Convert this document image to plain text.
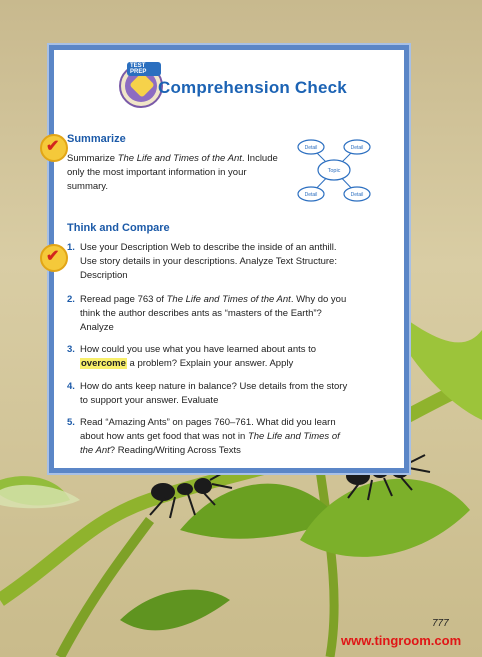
TEST PREP
Comprehension Check
✔ Summarize
Summarize The Life and Times of the Ant. Include only the most important information in your summary.
Detail	Detail
Topic
Detail	Detail
Think and Compare
✔
1. Use your Description Web to describe the inside of an anthill. Use story details in your descriptions. Analyze Text Structure: Description
2. Reread page 763 of The Life and Times of the Ant. Why do you think the author describes ants as “masters of the Earth”? Analyze
3. How could you use what you have learned about ants to overcome a problem? Explain your answer. Apply
4. How do ants keep nature in balance? Use details from the story to support your answer. Evaluate
5. Read “Amazing Ants” on pages 760–761. What did you learn about how ants get food that was not in The Life and Times of the Ant? Reading/Writing Across Texts
777
www.tingroom.com
